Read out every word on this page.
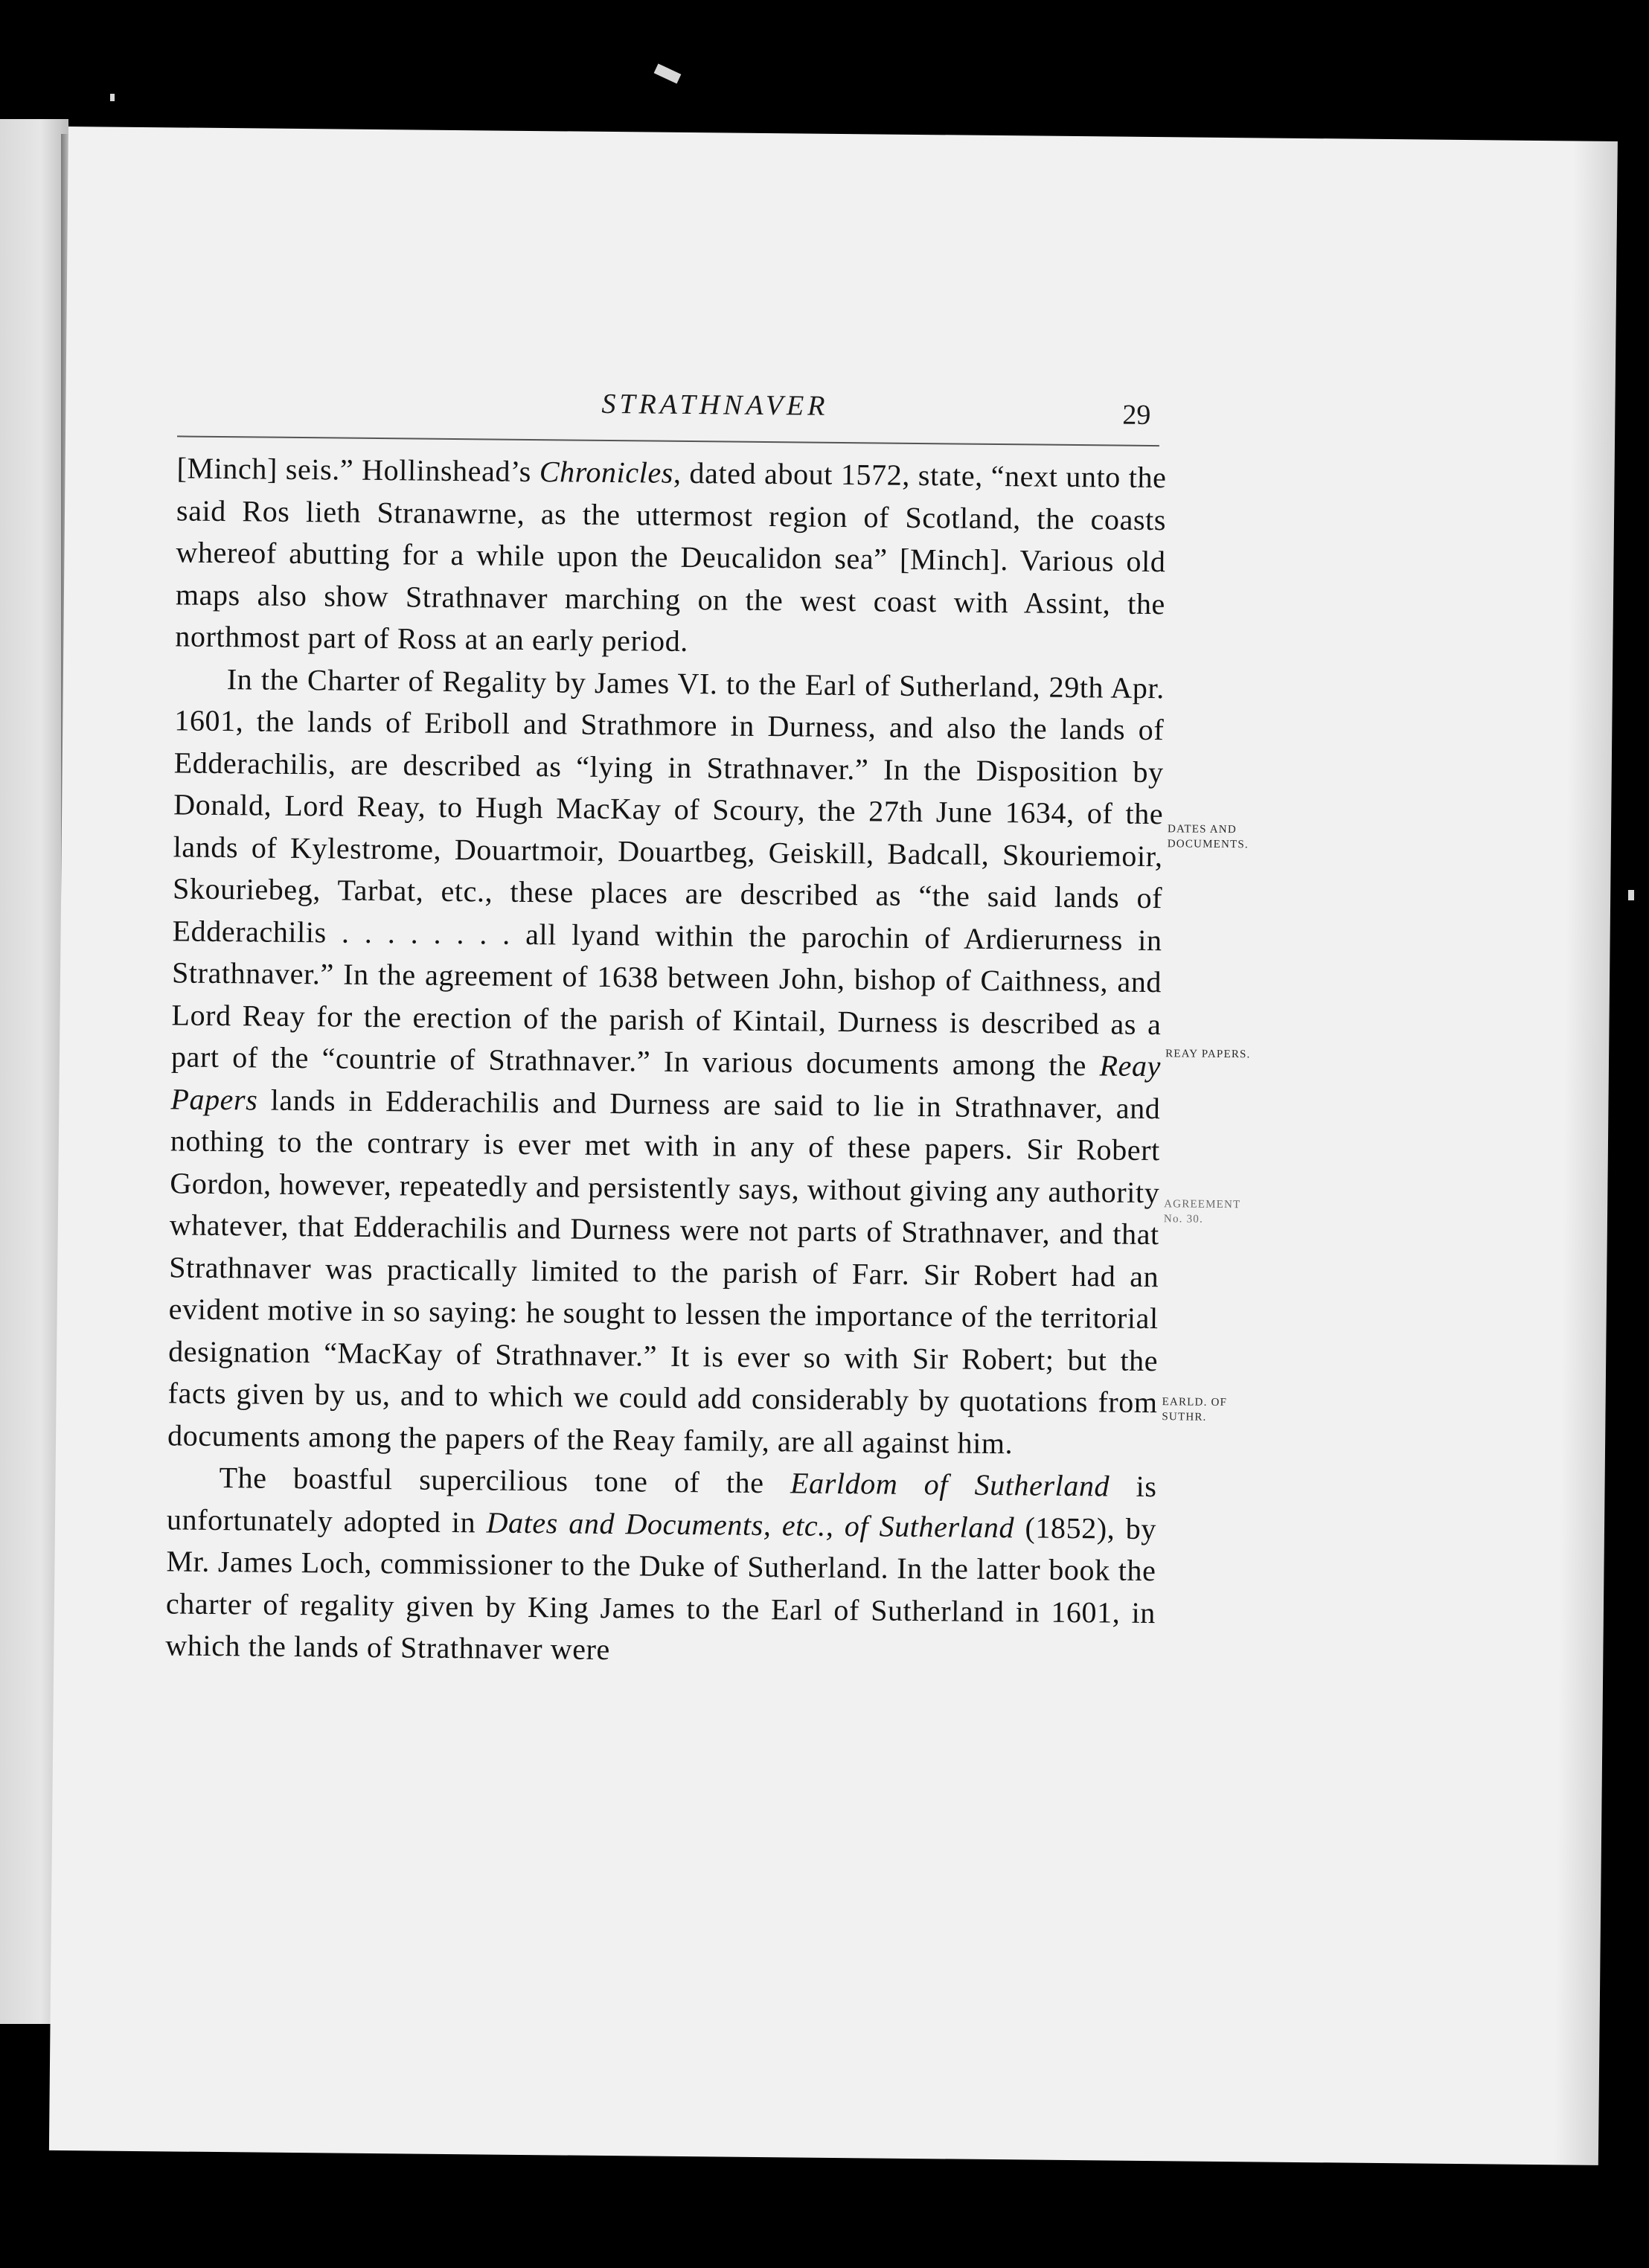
STRATHNAVER	29

[Minch] seis.” Hollinshead’s Chronicles, dated about 1572, state, “next unto the said Ros lieth Stranawrne, as the uttermost region of Scotland, the coasts whereof abutting for a while upon the Deucalidon sea” [Minch]. Various old maps also show Strathnaver marching on the west coast with Assint, the northmost part of Ross at an early period.

In the Charter of Regality by James VI. to the Earl of Sutherland, 29th Apr. 1601, the lands of Eriboll and Strathmore in Durness, and also the lands of Edderachilis, are described as “lying in Strathnaver.” In the Disposition by Donald, Lord Reay, to Hugh MacKay of Scoury, the 27th June 1634, of the lands of Kylestrome, Douartmoir, Douartbeg, Geiskill, Badcall, Skouriemoir, Skouriebeg, Tarbat, etc., these places are described as “the said lands of Edderachilis . . . . . . . . all lyand within the parochin of Ardierurness in Strathnaver.” In the agreement of 1638 between John, bishop of Caithness, and Lord Reay for the erection of the parish of Kintail, Durness is described as a part of the “countrie of Strathnaver.” In various documents among the Reay Papers lands in Edderachilis and Durness are said to lie in Strathnaver, and nothing to the contrary is ever met with in any of these papers. Sir Robert Gordon, however, repeatedly and persistently says, without giving any authority whatever, that Edderachilis and Durness were not parts of Strathnaver, and that Strathnaver was practically limited to the parish of Farr. Sir Robert had an evident motive in so saying: he sought to lessen the importance of the territorial designation “MacKay of Strathnaver.” It is ever so with Sir Robert; but the facts given by us, and to which we could add considerably by quotations from documents among the papers of the Reay family, are all against him.

The boastful supercilious tone of the Earldom of Sutherland is unfortunately adopted in Dates and Documents, etc., of Sutherland (1852), by Mr. James Loch, commissioner to the Duke of Sutherland. In the latter book the charter of regality given by King James to the Earl of Sutherland in 1601, in which the lands of Strathnaver were

DATES AND
DOCUMENTS.
REAY PAPERS.
AGREEMENT
No. 30.
EARLD. OF
SUTHR.
